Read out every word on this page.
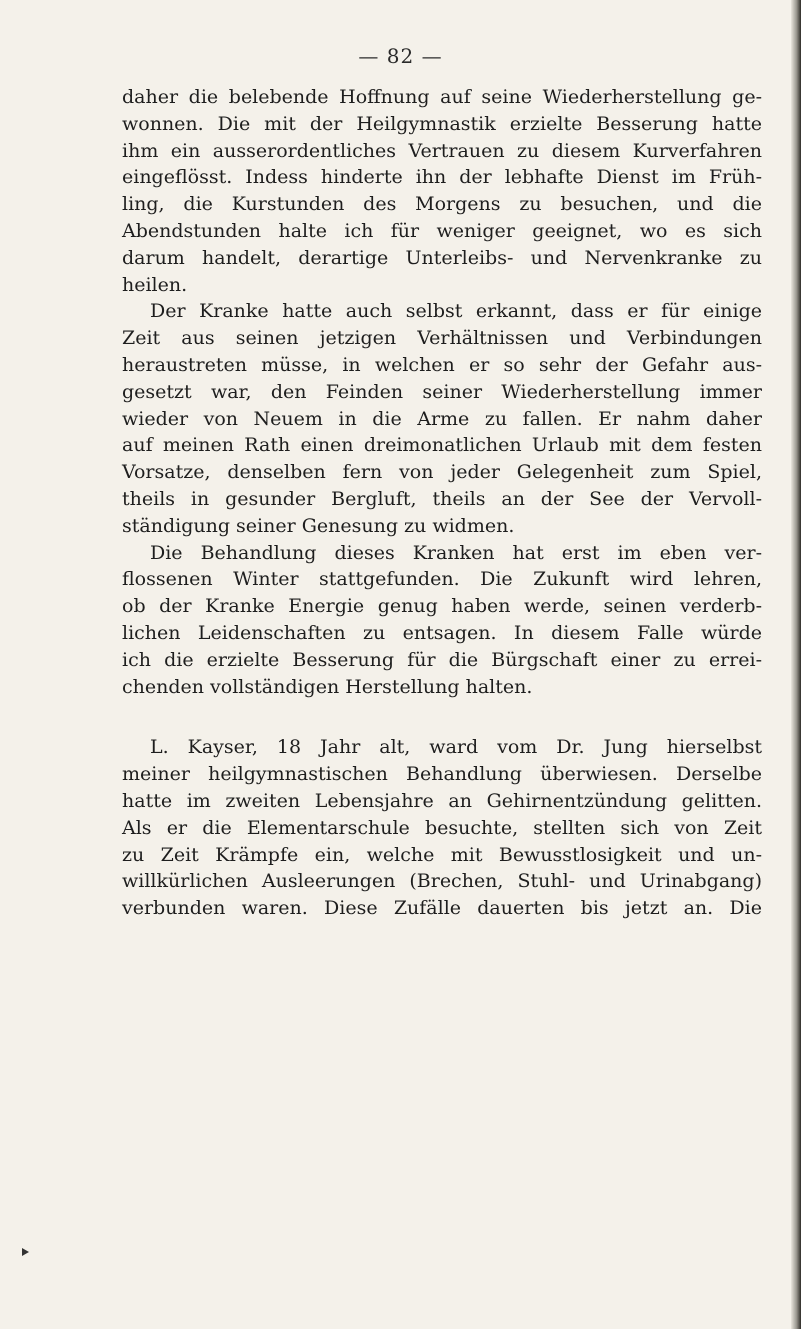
— 82 —
daher die belebende Hoffnung auf seine Wiederherstellung ge-
wonnen. Die mit der Heilgymnastik erzielte Besserung hatte
ihm ein ausserordentliches Vertrauen zu diesem Kurverfahren
eingeflösst. Indess hinderte ihn der lebhafte Dienst im Früh-
ling, die Kurstunden des Morgens zu besuchen, und die
Abendstunden halte ich für weniger geeignet, wo es sich
darum handelt, derartige Unterleibs- und Nervenkranke zu
heilen.
Der Kranke hatte auch selbst erkannt, dass er für einige
Zeit aus seinen jetzigen Verhältnissen und Verbindungen
heraustreten müsse, in welchen er so sehr der Gefahr aus-
gesetzt war, den Feinden seiner Wiederherstellung immer
wieder von Neuem in die Arme zu fallen. Er nahm daher
auf meinen Rath einen dreimonatlichen Urlaub mit dem festen
Vorsatze, denselben fern von jeder Gelegenheit zum Spiel,
theils in gesunder Bergluft, theils an der See der Vervoll-
ständigung seiner Genesung zu widmen.
Die Behandlung dieses Kranken hat erst im eben ver-
flossenen Winter stattgefunden. Die Zukunft wird lehren,
ob der Kranke Energie genug haben werde, seinen verderb-
lichen Leidenschaften zu entsagen. In diesem Falle würde
ich die erzielte Besserung für die Bürgschaft einer zu errei-
chenden vollständigen Herstellung halten.
L. Kayser, 18 Jahr alt, ward vom Dr. Jung hierselbst
meiner heilgymnastischen Behandlung überwiesen. Derselbe
hatte im zweiten Lebensjahre an Gehirnentzündung gelitten.
Als er die Elementarschule besuchte, stellten sich von Zeit
zu Zeit Krämpfe ein, welche mit Bewusstlosigkeit und un-
willkürlichen Ausleerungen (Brechen, Stuhl- und Urinabgang)
verbunden waren. Diese Zufälle dauerten bis jetzt an. Die
